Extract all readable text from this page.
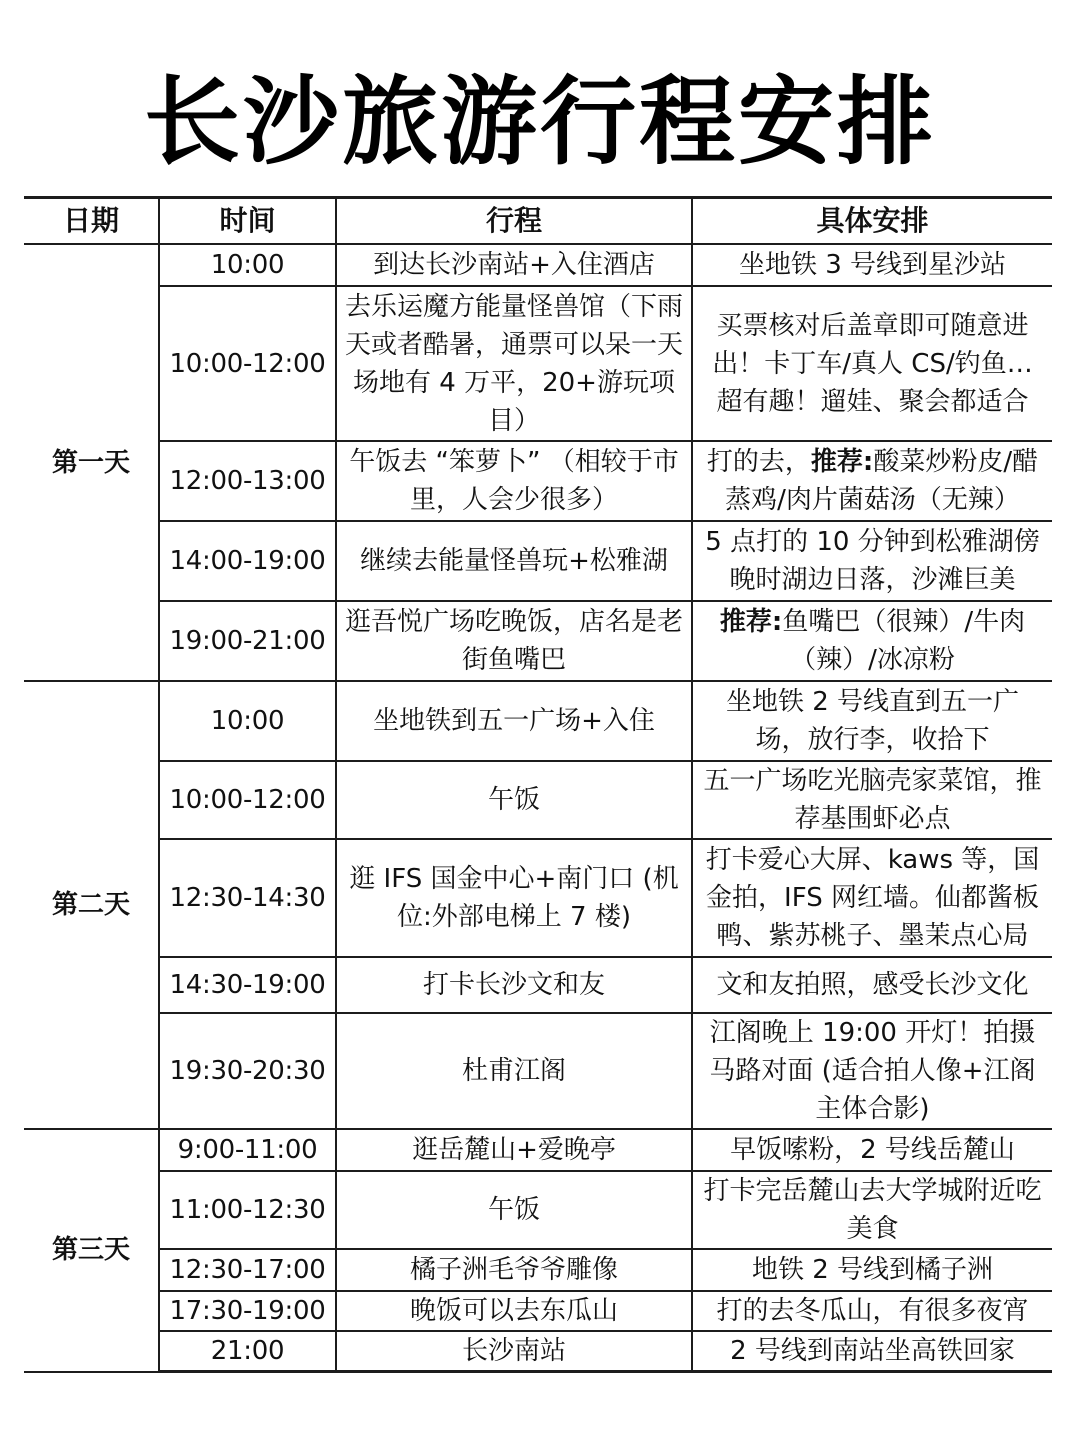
长沙旅游行程安排
日期	时间	行程	具体安排
第一天	10:00	到达长沙南站+入住酒店	坐地铁 3 号线到星沙站
	10:00-12:00	去乐运魔方能量怪兽馆（下雨天或者酷暑，通票可以呆一天场地有 4 万平，20+游玩项目）	买票核对后盖章即可随意进出！卡丁车/真人 CS/钓鱼…超有趣！遛娃、聚会都适合
	12:00-13:00	午饭去 “笨萝卜” （相较于市里，人会少很多）	打的去，推荐:酸菜炒粉皮/醋蒸鸡/肉片菌菇汤（无辣）
	14:00-19:00	继续去能量怪兽玩+松雅湖	5 点打的 10 分钟到松雅湖傍晚时湖边日落，沙滩巨美
	19:00-21:00	逛吾悦广场吃晚饭，店名是老街鱼嘴巴	推荐:鱼嘴巴（很辣）/牛肉（辣）/冰凉粉
第二天	10:00	坐地铁到五一广场+入住	坐地铁 2 号线直到五一广场，放行李，收拾下
	10:00-12:00	午饭	五一广场吃光脑壳家菜馆，推荐基围虾必点
	12:30-14:30	逛 IFS 国金中心+南门口 (机位:外部电梯上 7 楼)	打卡爱心大屏、kaws 等，国金拍，IFS 网红墙。仙都酱板鸭、紫苏桃子、墨茉点心局
	14:30-19:00	打卡长沙文和友	文和友拍照，感受长沙文化
	19:30-20:30	杜甫江阁	江阁晚上 19:00 开灯！拍摄马路对面 (适合拍人像+江阁主体合影)
第三天	9:00-11:00	逛岳麓山+爱晚亭	早饭嗦粉，2 号线岳麓山
	11:00-12:30	午饭	打卡完岳麓山去大学城附近吃美食
	12:30-17:00	橘子洲毛爷爷雕像	地铁 2 号线到橘子洲
	17:30-19:00	晚饭可以去东瓜山	打的去冬瓜山，有很多夜宵
	21:00	长沙南站	2 号线到南站坐高铁回家
